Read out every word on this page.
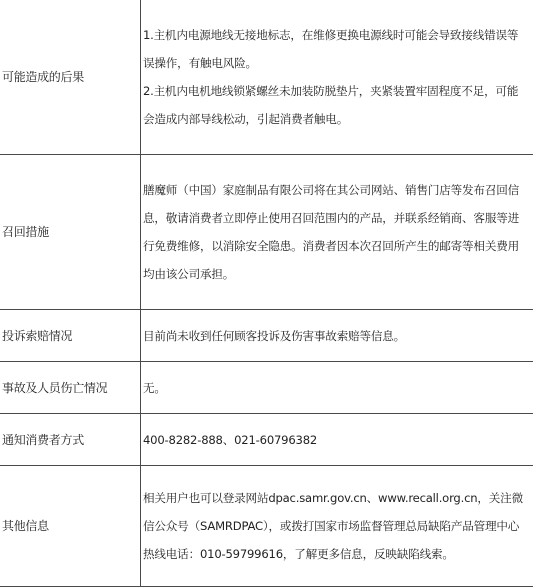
可能造成的后果	1.主机内电源地线无接地标志，在维修更换电源线时可能会导致接线错误等误操作，有触电风险。

2.主机内电机地线锁紧螺丝未加装防脱垫片，夹紧装置牢固程度不足，可能会造成内部导线松动，引起消费者触电。

召回措施	膳魔师（中国）家庭制品有限公司将在其公司网站、销售门店等发布召回信息，敬请消费者立即停止使用召回范围内的产品，并联系经销商、客服等进行免费维修，以消除安全隐患。消费者因本次召回所产生的邮寄等相关费用均由该公司承担。

投诉索赔情况	目前尚未收到任何顾客投诉及伤害事故索赔等信息。

事故及人员伤亡情况	无。

通知消费者方式	400-8282-888、021-60796382

其他信息	相关用户也可以登录网站dpac.samr.gov.cn、www.recall.org.cn，关注微信公众号（SAMRDPAC），或拨打国家市场监督管理总局缺陷产品管理中心热线电话：010-59799616，了解更多信息，反映缺陷线索。
